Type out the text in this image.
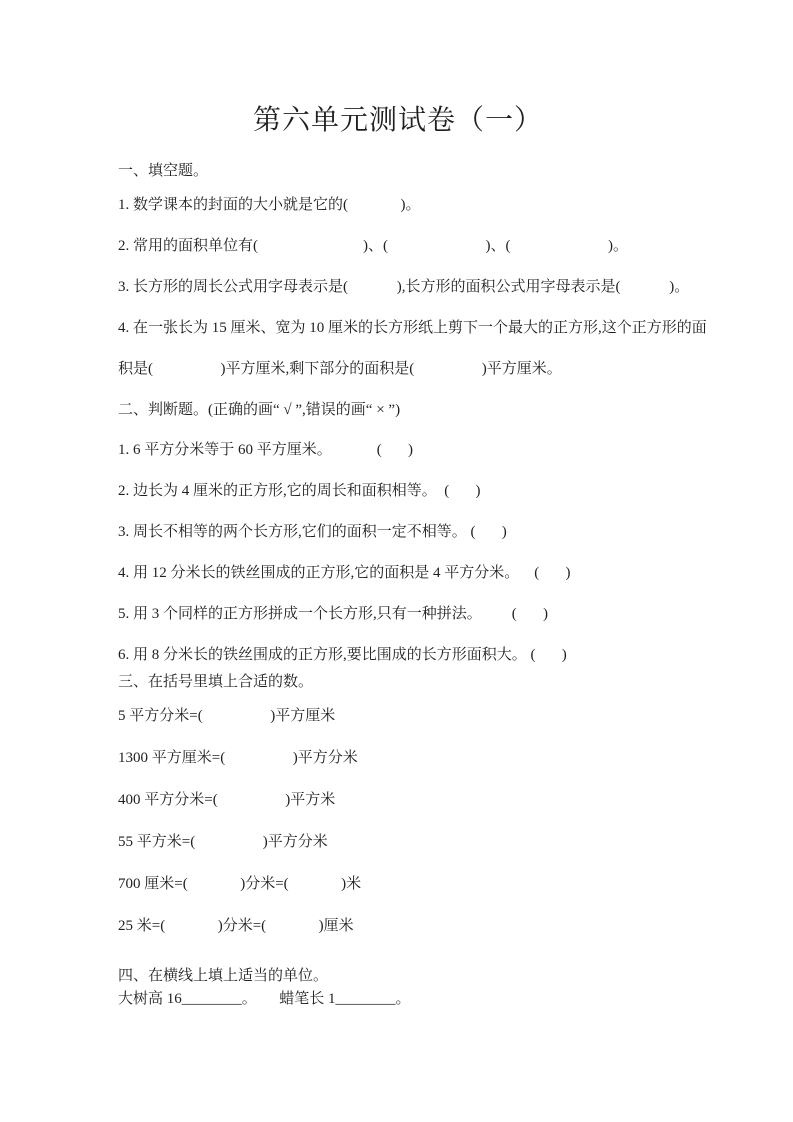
第六单元测试卷（一）
一、填空题。
1. 数学课本的封面的大小就是它的(              )。
2. 常用的面积单位有(                            )、(                          )、(                          )。
3. 长方形的周长公式用字母表示是(             ),长方形的面积公式用字母表示是(             )。
4. 在一张长为 15 厘米、宽为 10 厘米的长方形纸上剪下一个最大的正方形,这个正方形的面
积是(                  )平方厘米,剩下部分的面积是(                  )平方厘米。
二、判断题。(正确的画“ √ ”,错误的画“ × ”)
1. 6 平方分米等于 60 平方厘米。            (       )
2. 边长为 4 厘米的正方形,它的周长和面积相等。  (       )
3. 周长不相等的两个长方形,它们的面积一定不相等。 (       )
4. 用 12 分米长的铁丝围成的正方形,它的面积是 4 平方分米。    (       )
5. 用 3 个同样的正方形拼成一个长方形,只有一种拼法。        (       )
6. 用 8 分米长的铁丝围成的正方形,要比围成的长方形面积大。 (       )
三、在括号里填上合适的数。
5 平方分米=(                  )平方厘米
1300 平方厘米=(                  )平方分米
400 平方分米=(                  )平方米
55 平方米=(                  )平方分米
700 厘米=(              )分米=(              )米
25 米=(              )分米=(              )厘米
四、在横线上填上适当的单位。
大树高 16________。      蜡笔长 1________。
